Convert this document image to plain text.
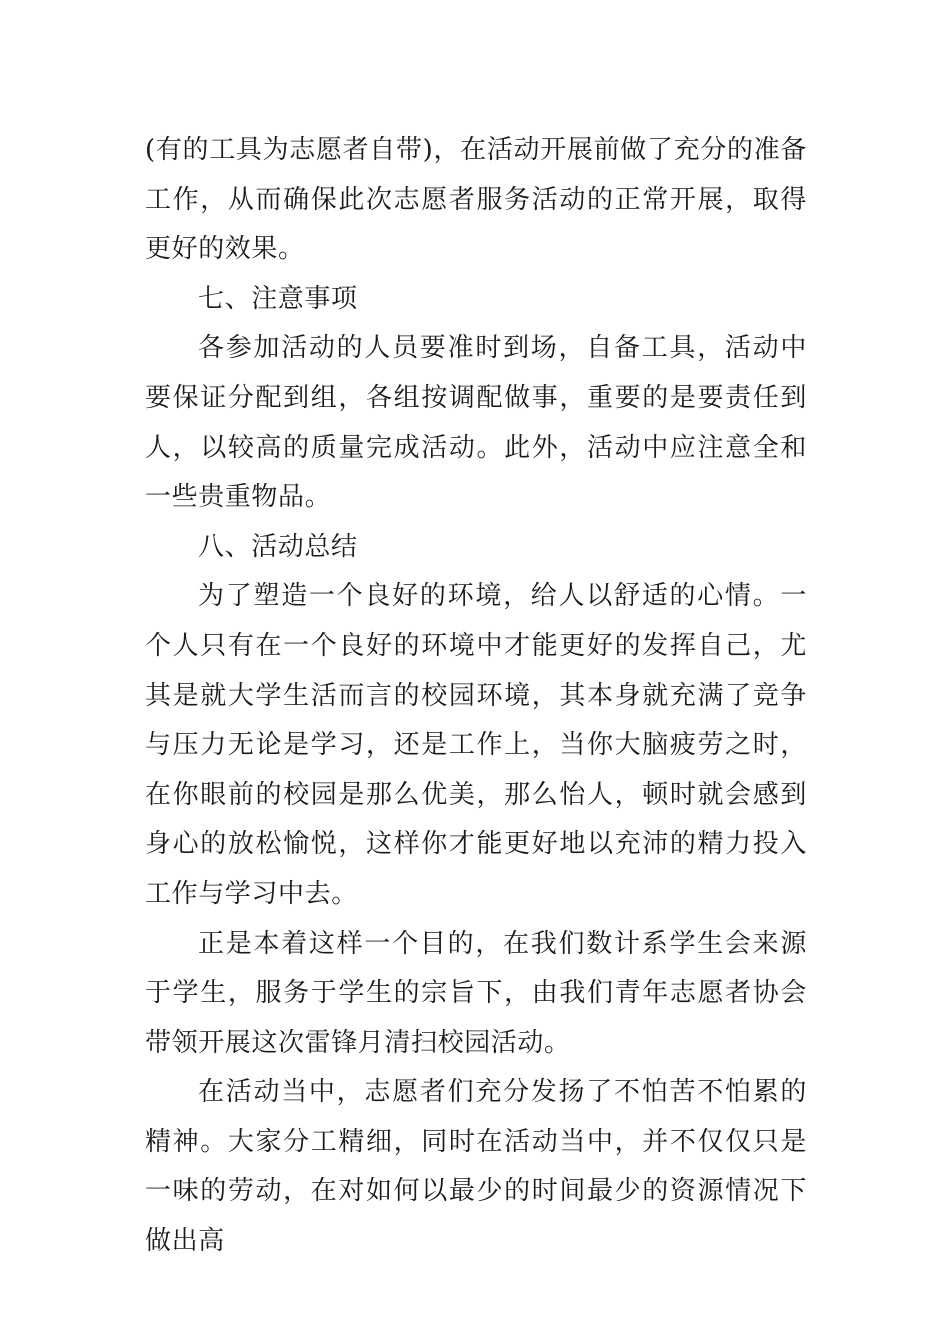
(有的工具为志愿者自带)，在活动开展前做了充分的准备工作，从而确保此次志愿者服务活动的正常开展，取得更好的效果。

七、注意事项

各参加活动的人员要准时到场，自备工具，活动中要保证分配到组，各组按调配做事，重要的是要责任到人，以较高的质量完成活动。此外，活动中应注意全和一些贵重物品。

八、活动总结

为了塑造一个良好的环境，给人以舒适的心情。一个人只有在一个良好的环境中才能更好的发挥自己，尤其是就大学生活而言的校园环境，其本身就充满了竞争与压力无论是学习，还是工作上，当你大脑疲劳之时，在你眼前的校园是那么优美，那么怡人，顿时就会感到身心的放松愉悦，这样你才能更好地以充沛的精力投入工作与学习中去。

正是本着这样一个目的，在我们数计系学生会来源于学生，服务于学生的宗旨下，由我们青年志愿者协会带领开展这次雷锋月清扫校园活动。

在活动当中，志愿者们充分发扬了不怕苦不怕累的精神。大家分工精细，同时在活动当中，并不仅仅只是一味的劳动，在对如何以最少的时间最少的资源情况下做出高
